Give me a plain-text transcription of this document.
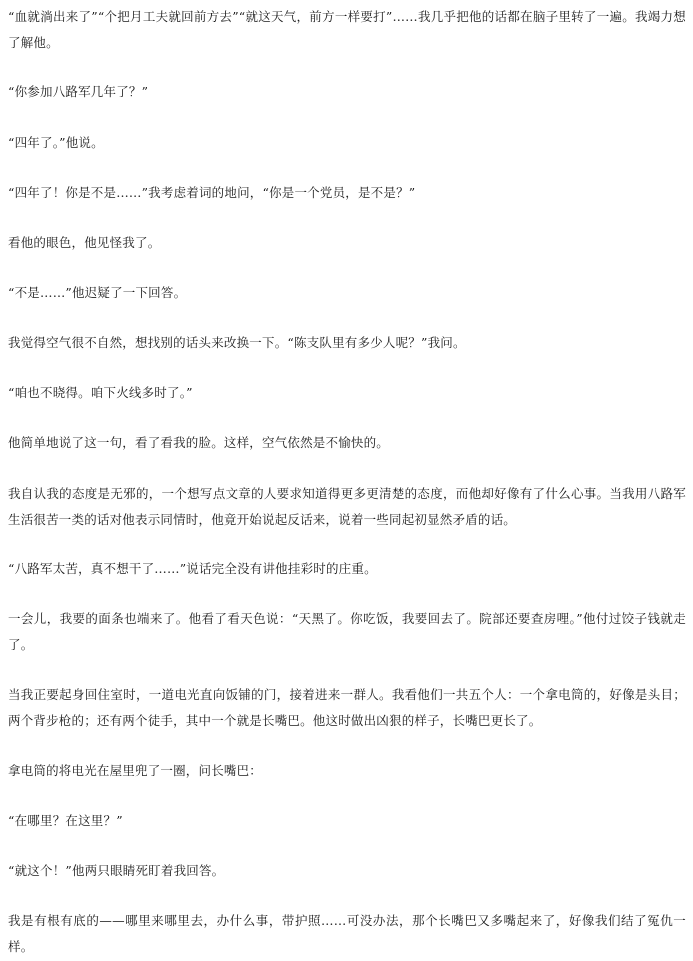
“血就淌出来了”“个把月工夫就回前方去”“就这天气，前方一样要打”……我几乎把他的话都在脑子里转了一遍。我竭力想了解他。

“你参加八路军几年了？”

“四年了。”他说。

“四年了！你是不是……”我考虑着词的地问，“你是一个党员，是不是？”

看他的眼色，他见怪我了。

“不是……”他迟疑了一下回答。

我觉得空气很不自然，想找别的话头来改换一下。“陈支队里有多少人呢？”我问。

“咱也不晓得。咱下火线多时了。”

他简单地说了这一句，看了看我的脸。这样，空气依然是不愉快的。

我自认我的态度是无邪的，一个想写点文章的人要求知道得更多更清楚的态度，而他却好像有了什么心事。当我用八路军生活很苦一类的话对他表示同情时，他竟开始说起反话来，说着一些同起初显然矛盾的话。

“八路军太苦，真不想干了……”说话完全没有讲他挂彩时的庄重。

一会儿，我要的面条也端来了。他看了看天色说：“天黑了。你吃饭，我要回去了。院部还要查房哩。”他付过饺子钱就走了。

当我正要起身回住室时，一道电光直向饭铺的门，接着进来一群人。我看他们一共五个人：一个拿电筒的，好像是头目；两个背步枪的；还有两个徒手，其中一个就是长嘴巴。他这时做出凶狠的样子，长嘴巴更长了。

拿电筒的将电光在屋里兜了一圈，问长嘴巴：

“在哪里？在这里？”

“就这个！”他两只眼睛死盯着我回答。

我是有根有底的——哪里来哪里去，办什么事，带护照……可没办法，那个长嘴巴又多嘴起来了，好像我们结了冤仇一样。
